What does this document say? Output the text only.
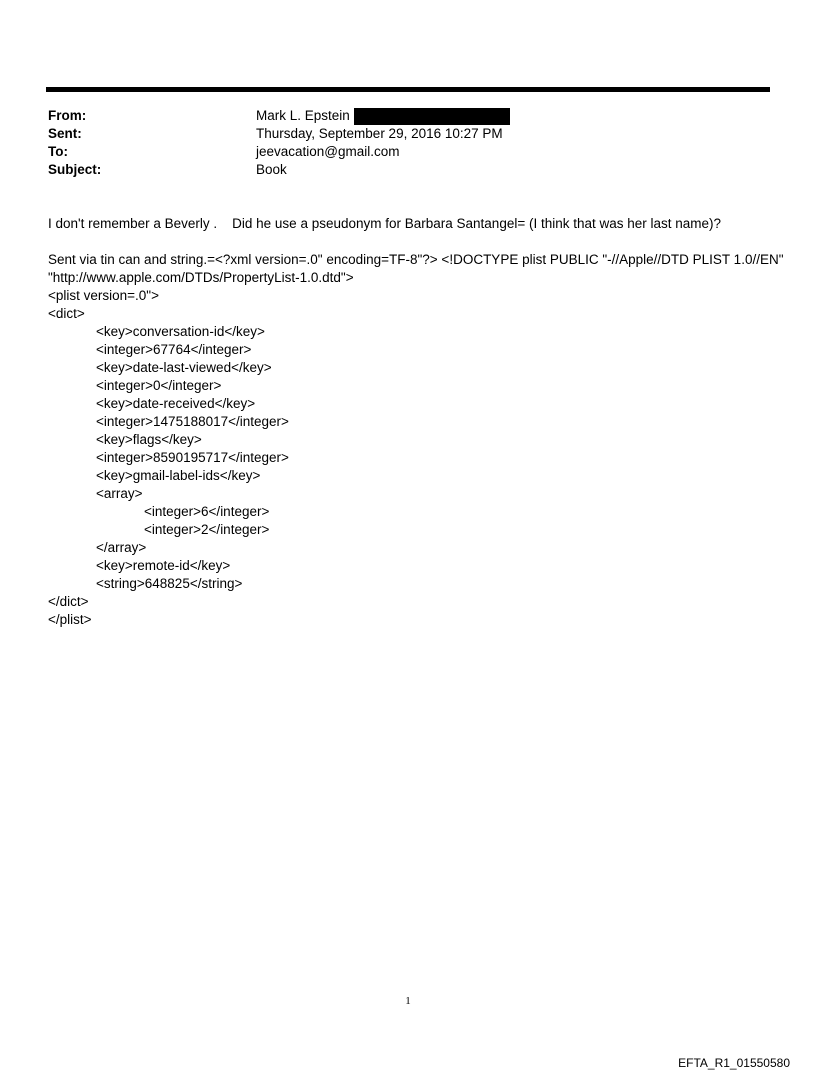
From:	Mark L. Epstein
Sent:	Thursday, September 29, 2016 10:27 PM
To:	jeevacation@gmail.com
Subject:	Book
I don't remember a Beverly .    Did he use a pseudonym for Barbara Santangel= (I think that was her last name)?
Sent via tin can and string.=<?xml version=.0" encoding=TF-8"?> <!DOCTYPE plist PUBLIC "-//Apple//DTD PLIST 1.0//EN"
"http://www.apple.com/DTDs/PropertyList-1.0.dtd">
<plist version=.0">
<dict>
<key>conversation-id</key>
<integer>67764</integer>
<key>date-last-viewed</key>
<integer>0</integer>
<key>date-received</key>
<integer>1475188017</integer>
<key>flags</key>
<integer>8590195717</integer>
<key>gmail-label-ids</key>
<array>
<integer>6</integer>
<integer>2</integer>
</array>
<key>remote-id</key>
<string>648825</string>
</dict>
</plist>
1
EFTA_R1_01550580
